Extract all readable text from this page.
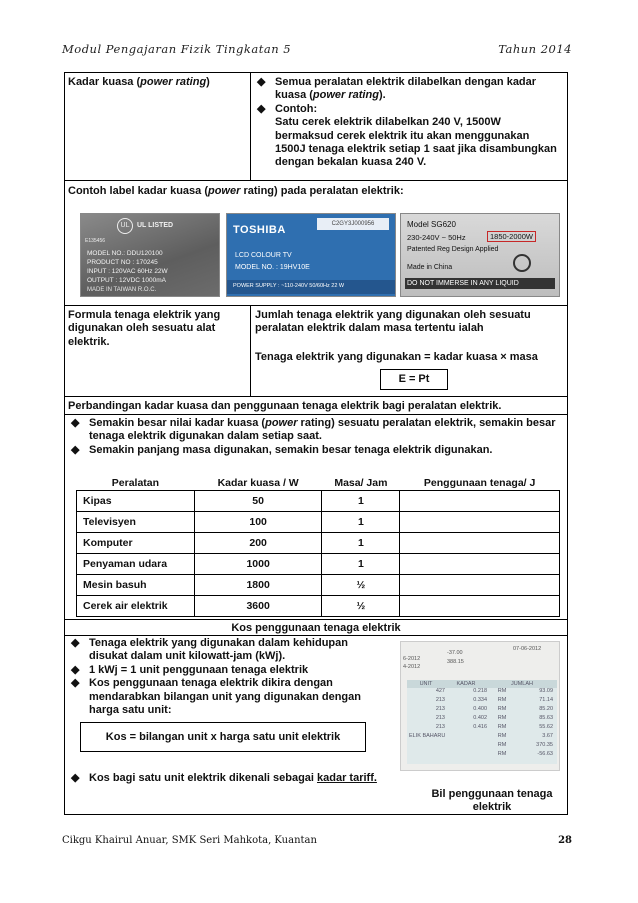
Modul Pengajaran Fizik Tingkatan 5	Tahun 2014
Kadar kuasa (power rating)	◆ Semua peralatan elektrik dilabelkan dengan kadar kuasa (power rating).
◆ Contoh:
Satu cerek elektrik dilabelkan 240 V, 1500W bermaksud cerek elektrik itu akan menggunakan 1500J tenaga elektrik setiap 1 saat jika disambungkan dengan bekalan kuasa 240 V.
Contoh label kadar kuasa (power rating) pada peralatan elektrik:
UL	UL LISTED
E135456
MODEL NO.: DDU120100
PRODUCT NO : 170245
INPUT : 120VAC 60Hz 22W
OUTPUT : 12VDC 1000mA
MADE IN TAIWAN R.O.C.
TOSHIBA	C2GY3J000956
LCD COLOUR TV
MODEL NO. : 19HV10E
POWER SUPPLY : ~110-240V 50/60Hz 22 W
Model SG620
230-240V ~ 50Hz	1850-2000W
Patented Reg Design Applied
Made in China
DO NOT IMMERSE IN ANY LIQUID
Formula tenaga elektrik yang digunakan oleh sesuatu alat elektrik.
Jumlah tenaga elektrik yang digunakan oleh sesuatu peralatan elektrik dalam masa tertentu ialah
Tenaga elektrik yang digunakan = kadar kuasa × masa
E = Pt
Perbandingan kadar kuasa dan penggunaan tenaga elektrik bagi peralatan elektrik.
◆ Semakin besar nilai kadar kuasa (power rating) sesuatu peralatan elektrik, semakin besar tenaga elektrik digunakan dalam setiap saat.
◆ Semakin panjang masa digunakan, semakin besar tenaga elektrik digunakan.
Peralatan	Kadar kuasa / W	Masa/ Jam	Penggunaan tenaga/ J
Kipas	50	1	
Televisyen	100	1	
Komputer	200	1	
Penyaman udara	1000	1	
Mesin basuh	1800	½	
Cerek air elektrik	3600	½	
Kos penggunaan tenaga elektrik
◆ Tenaga elektrik yang digunakan dalam kehidupan disukat dalam unit kilowatt-jam (kWj).
◆ 1 kWj = 1 unit penggunaan tenaga elektrik
◆ Kos penggunaan tenaga elektrik dikira dengan mendarabkan bilangan unit yang digunakan dengan harga satu unit:
◆ Kos bagi satu unit elektrik dikenali sebagai kadar tariff.
Bil penggunaan tenaga elektrik
Kos = bilangan unit x harga satu unit elektrik
6-2012
-37.00
07-06-2012
4-2012
388.15
UNIT	KADAR	JUMLAH
427	0.218	RM	93.09
213	0.334	RM	71.14
213	0.400	RM	85.20
213	0.402	RM	85.63
213	0.416	RM	55.62
ELIK BAHARU	RM	3.67
RM	370.35
RM	-56.63
Cikgu Khairul Anuar, SMK Seri Mahkota, Kuantan	28
